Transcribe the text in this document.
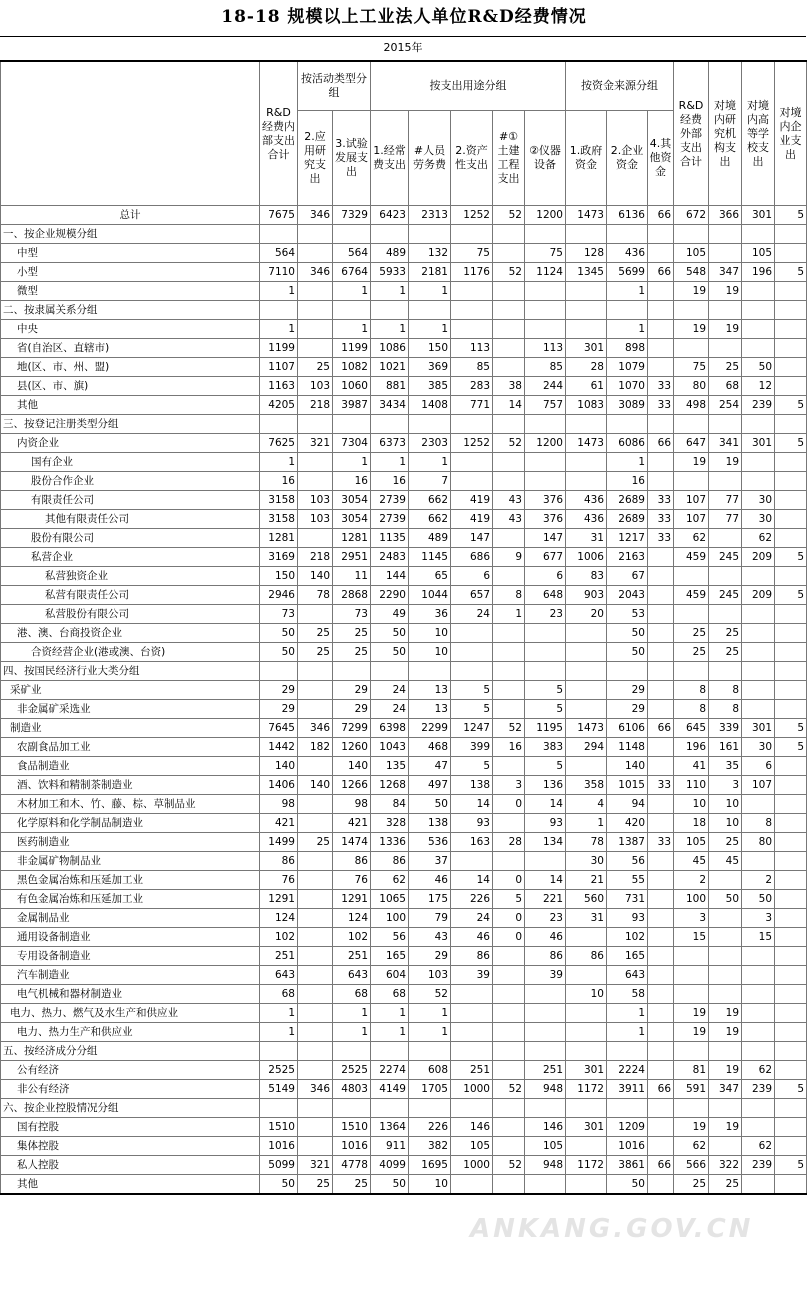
18-18 规模以上工业法人单位R&D经费情况
2015年
	R&D经费内部支出合计	按活动类型分组		按支出用途分组					按资金来源分组			R&D经费外部支出合计	对境内研究机构支出	对境内高等学校支出	对境内企业支出
		2.应用研究支出	3.试验发展支出	1.经常费支出	#人员劳务费	2.资产性支出	#①土建工程支出	②仪器设备	1.政府资金	2.企业资金	4.其他资金				
总计	7675	346	7329	6423	2313	1252	52	1200	1473	6136	66	672	366	301	5
一、按企业规模分组															
中型	564		564	489	132	75		75	128	436		105		105	
小型	7110	346	6764	5933	2181	1176	52	1124	1345	5699	66	548	347	196	5
微型	1		1	1	1					1		19	19		
二、按隶属关系分组															
中央	1		1	1	1					1		19	19		
省(自治区、直辖市)	1199		1199	1086	150	113		113	301	898					
地(区、市、州、盟)	1107	25	1082	1021	369	85		85	28	1079		75	25	50	
县(区、市、旗)	1163	103	1060	881	385	283	38	244	61	1070	33	80	68	12	
其他	4205	218	3987	3434	1408	771	14	757	1083	3089	33	498	254	239	5
三、按登记注册类型分组															
内资企业	7625	321	7304	6373	2303	1252	52	1200	1473	6086	66	647	341	301	5
国有企业	1		1	1	1					1		19	19		
股份合作企业	16		16	16	7					16					
有限责任公司	3158	103	3054	2739	662	419	43	376	436	2689	33	107	77	30	
其他有限责任公司	3158	103	3054	2739	662	419	43	376	436	2689	33	107	77	30	
股份有限公司	1281		1281	1135	489	147		147	31	1217	33	62		62	
私营企业	3169	218	2951	2483	1145	686	9	677	1006	2163		459	245	209	5
私营独资企业	150	140	11	144	65	6		6	83	67					
私营有限责任公司	2946	78	2868	2290	1044	657	8	648	903	2043		459	245	209	5
私营股份有限公司	73		73	49	36	24	1	23	20	53					
港、澳、台商投资企业	50	25	25	50	10					50		25	25		
合资经营企业(港或澳、台资)	50	25	25	50	10					50		25	25		
四、按国民经济行业大类分组															
采矿业	29		29	24	13	5		5		29		8	8		
非金属矿采选业	29		29	24	13	5		5		29		8	8		
制造业	7645	346	7299	6398	2299	1247	52	1195	1473	6106	66	645	339	301	5
农副食品加工业	1442	182	1260	1043	468	399	16	383	294	1148		196	161	30	5
食品制造业	140		140	135	47	5		5		140		41	35	6	
酒、饮料和精制茶制造业	1406	140	1266	1268	497	138	3	136	358	1015	33	110	3	107	
木材加工和木、竹、藤、棕、草制品业	98		98	84	50	14	0	14	4	94		10	10		
化学原料和化学制品制造业	421		421	328	138	93		93	1	420		18	10	8	
医药制造业	1499	25	1474	1336	536	163	28	134	78	1387	33	105	25	80	
非金属矿物制品业	86		86	86	37				30	56		45	45		
黑色金属冶炼和压延加工业	76		76	62	46	14	0	14	21	55		2		2	
有色金属冶炼和压延加工业	1291		1291	1065	175	226	5	221	560	731		100	50	50	
金属制品业	124		124	100	79	24	0	23	31	93		3		3	
通用设备制造业	102		102	56	43	46	0	46		102		15		15	
专用设备制造业	251		251	165	29	86		86	86	165					
汽车制造业	643		643	604	103	39		39		643					
电气机械和器材制造业	68		68	68	52				10	58					
电力、热力、燃气及水生产和供应业	1		1	1	1					1		19	19		
电力、热力生产和供应业	1		1	1	1					1		19	19		
五、按经济成分分组															
公有经济	2525		2525	2274	608	251		251	301	2224		81	19	62	
非公有经济	5149	346	4803	4149	1705	1000	52	948	1172	3911	66	591	347	239	5
六、按企业控股情况分组															
国有控股	1510		1510	1364	226	146		146	301	1209		19	19		
集体控股	1016		1016	911	382	105		105		1016		62		62	
私人控股	5099	321	4778	4099	1695	1000	52	948	1172	3861	66	566	322	239	5
其他	50	25	25	50	10					50		25	25		
ANKANG.GOV.CN
